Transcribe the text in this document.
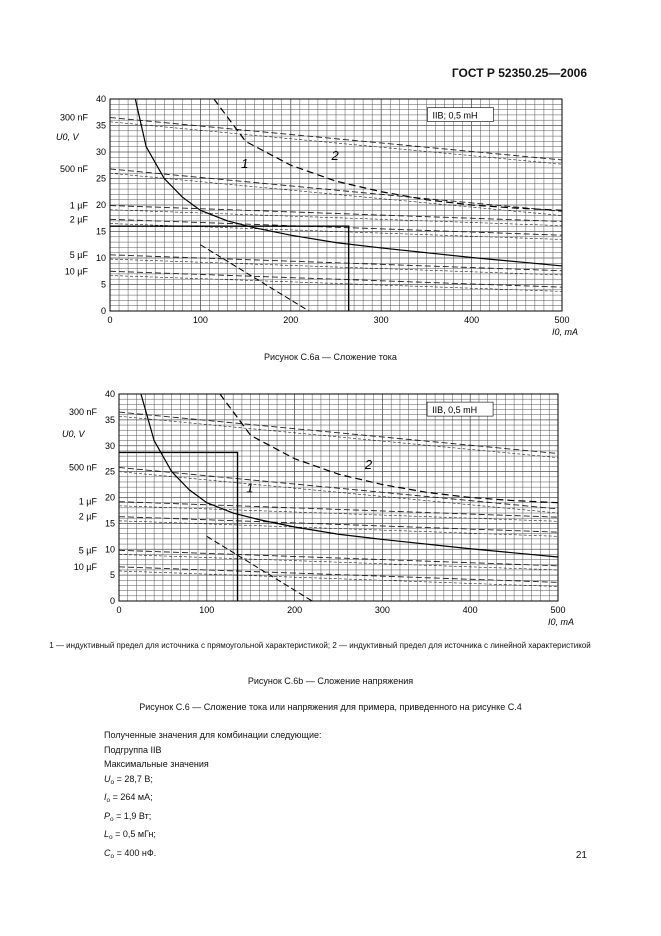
ГОСТ Р 52350.25—2006
0
5
10
15
20
25
30
35
40
0	100	200	300	400	500
300 nF
500 nF
1 µF
2 µF
5 µF
10 µF
U0, V
I0, mA
IIB; 0,5 mH
1
2
0
5
10
15
20
25
30
35
40
0	100	200	300	400	500
300 nF
500 nF
1 µF
2 µF
5 µF
10 µF
U0, V
I0, mA
IIB, 0,5 mH
1
2
Рисунок С.6а — Сложение тока
1 — индуктивный предел для источника с прямоугольной характеристикой; 2 — индуктивный предел для источника с линейной характеристикой
Рисунок С.6b — Сложение напряжения
Рисунок С.6 — Сложение тока или напряжения для примера, приведенного на рисунке С.4
Полученные значения для комбинации следующие:
Подгруппа IIB
Максимальные значения
$U_o = 28,7$ В;
$I_o = 264$ мА;
$P_o = 1,9$ Вт;
$L_o = 0,5$ мГн;
$C_o = 400$ нФ.	21
